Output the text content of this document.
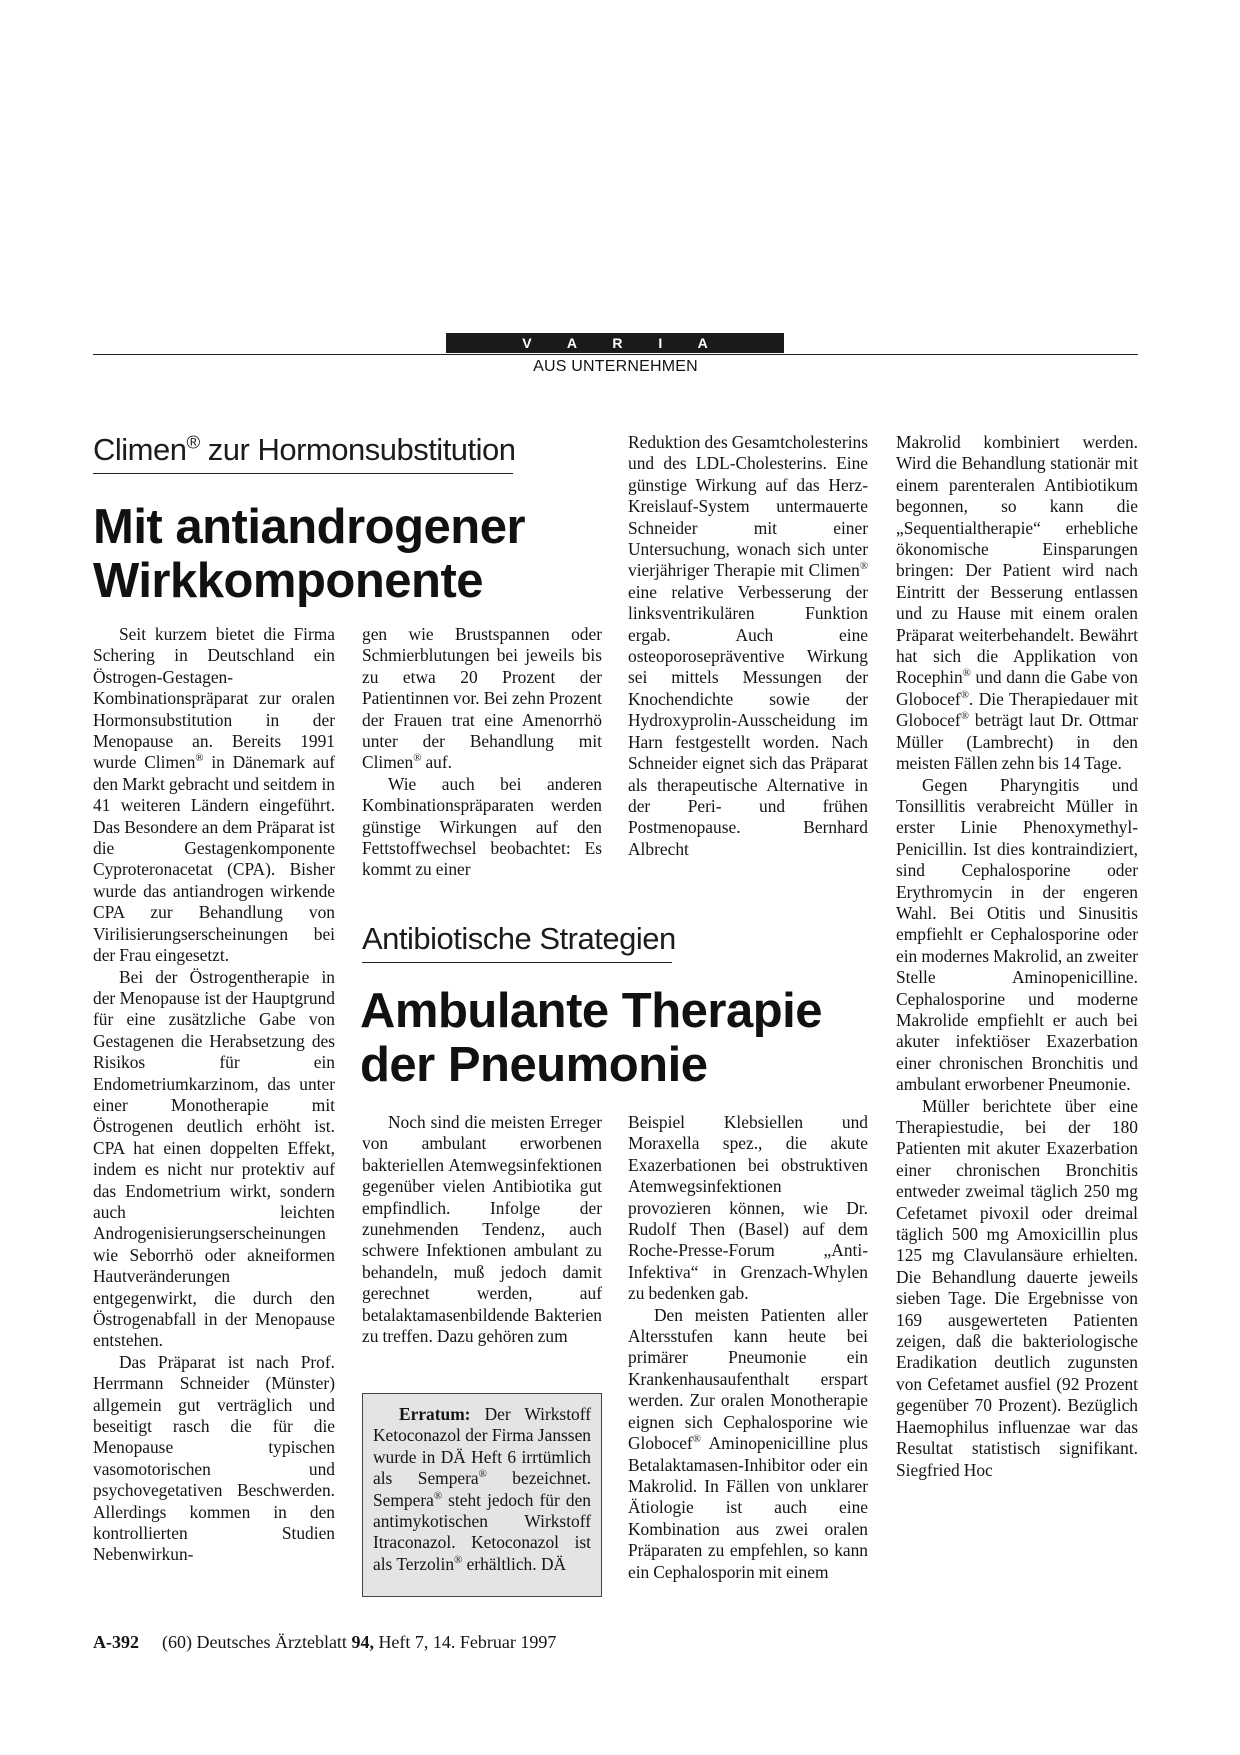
V A R I A
AUS UNTERNEHMEN
Climen® zur Hormonsubstitution
Mit antiandrogener
Wirkkomponente

Seit kurzem bietet die Firma Schering in Deutschland ein Östrogen-Gestagen-Kombinationspräparat zur oralen Hormonsubstitution in der Menopause an. Bereits 1991 wurde Climen® in Dänemark auf den Markt gebracht und seitdem in 41 weiteren Ländern eingeführt. Das Besondere an dem Präparat ist die Gestagenkomponente Cyproteronacetat (CPA). Bisher wurde das antiandrogen wirkende CPA zur Behandlung von Virilisierungserscheinungen bei der Frau eingesetzt.

Bei der Östrogentherapie in der Menopause ist der Hauptgrund für eine zusätzliche Gabe von Gestagenen die Herabsetzung des Risikos für ein Endometriumkarzinom, das unter einer Monotherapie mit Östrogenen deutlich erhöht ist. CPA hat einen doppelten Effekt, indem es nicht nur protektiv auf das Endometrium wirkt, sondern auch leichten Androgenisierungserscheinungen wie Seborrhö oder akneiformen Hautveränderungen entgegenwirkt, die durch den Östrogenabfall in der Menopause entstehen.

Das Präparat ist nach Prof. Herrmann Schneider (Münster) allgemein gut verträglich und beseitigt rasch die für die Menopause typischen vasomotorischen und psychovegetativen Beschwerden. Allerdings kommen in den kontrollierten Studien Nebenwirkun-

gen wie Brustspannen oder Schmierblutungen bei jeweils bis zu etwa 20 Prozent der Patientinnen vor. Bei zehn Prozent der Frauen trat eine Amenorrhö unter der Behandlung mit Climen® auf.

Wie auch bei anderen Kombinationspräparaten werden günstige Wirkungen auf den Fettstoffwechsel beobachtet: Es kommt zu einer

Reduktion des Gesamtcholesterins und des LDL-Cholesterins. Eine günstige Wirkung auf das Herz-Kreislauf-System untermauerte Schneider mit einer Untersuchung, wonach sich unter vierjähriger Therapie mit Climen® eine relative Verbesserung der linksventrikulären Funktion ergab. Auch eine osteoporosepräventive Wirkung sei mittels Messungen der Knochendichte sowie der Hydroxyprolin-Ausscheidung im Harn festgestellt worden. Nach Schneider eignet sich das Präparat als therapeutische Alternative in der Peri- und frühen Postmenopause. Bernhard Albrecht

Antibiotische Strategien
Ambulante Therapie
der Pneumonie

Noch sind die meisten Erreger von ambulant erworbenen bakteriellen Atemwegsinfektionen gegenüber vielen Antibiotika gut empfindlich. Infolge der zunehmenden Tendenz, auch schwere Infektionen ambulant zu behandeln, muß jedoch damit gerechnet werden, auf betalaktamasenbildende Bakterien zu treffen. Dazu gehören zum

Erratum: Der Wirkstoff Ketoconazol der Firma Janssen wurde in DÄ Heft 6 irrtümlich als Sempera® bezeichnet. Sempera® steht jedoch für den antimykotischen Wirkstoff Itraconazol. Ketoconazol ist als Terzolin® erhältlich. DÄ

Beispiel Klebsiellen und Moraxella spez., die akute Exazerbationen bei obstruktiven Atemwegsinfektionen provozieren können, wie Dr. Rudolf Then (Basel) auf dem Roche-Presse-Forum „Anti-Infektiva“ in Grenzach-Whylen zu bedenken gab.

Den meisten Patienten aller Altersstufen kann heute bei primärer Pneumonie ein Krankenhausaufenthalt erspart werden. Zur oralen Monotherapie eignen sich Cephalosporine wie Globocef® Aminopenicilline plus Betalaktamasen-Inhibitor oder ein Makrolid. In Fällen von unklarer Ätiologie ist auch eine Kombination aus zwei oralen Präparaten zu empfehlen, so kann ein Cephalosporin mit einem

Makrolid kombiniert werden. Wird die Behandlung stationär mit einem parenteralen Antibiotikum begonnen, so kann die „Sequentialtherapie“ erhebliche ökonomische Einsparungen bringen: Der Patient wird nach Eintritt der Besserung entlassen und zu Hause mit einem oralen Präparat weiterbehandelt. Bewährt hat sich die Applikation von Rocephin® und dann die Gabe von Globocef®. Die Therapiedauer mit Globocef® beträgt laut Dr. Ottmar Müller (Lambrecht) in den meisten Fällen zehn bis 14 Tage.

Gegen Pharyngitis und Tonsillitis verabreicht Müller in erster Linie Phenoxymethyl-Penicillin. Ist dies kontraindiziert, sind Cephalosporine oder Erythromycin in der engeren Wahl. Bei Otitis und Sinusitis empfiehlt er Cephalosporine oder ein modernes Makrolid, an zweiter Stelle Aminopenicilline. Cephalosporine und moderne Makrolide empfiehlt er auch bei akuter infektiöser Exazerbation einer chronischen Bronchitis und ambulant erworbener Pneumonie.

Müller berichtete über eine Therapiestudie, bei der 180 Patienten mit akuter Exazerbation einer chronischen Bronchitis entweder zweimal täglich 250 mg Cefetamet pivoxil oder dreimal täglich 500 mg Amoxicillin plus 125 mg Clavulansäure erhielten. Die Behandlung dauerte jeweils sieben Tage. Die Ergebnisse von 169 ausgewerteten Patienten zeigen, daß die bakteriologische Eradikation deutlich zugunsten von Cefetamet ausfiel (92 Prozent gegenüber 70 Prozent). Bezüglich Haemophilus influenzae war das Resultat statistisch signifikant. Siegfried Hoc

A-392 (60) Deutsches Ärzteblatt 94, Heft 7, 14. Februar 1997
